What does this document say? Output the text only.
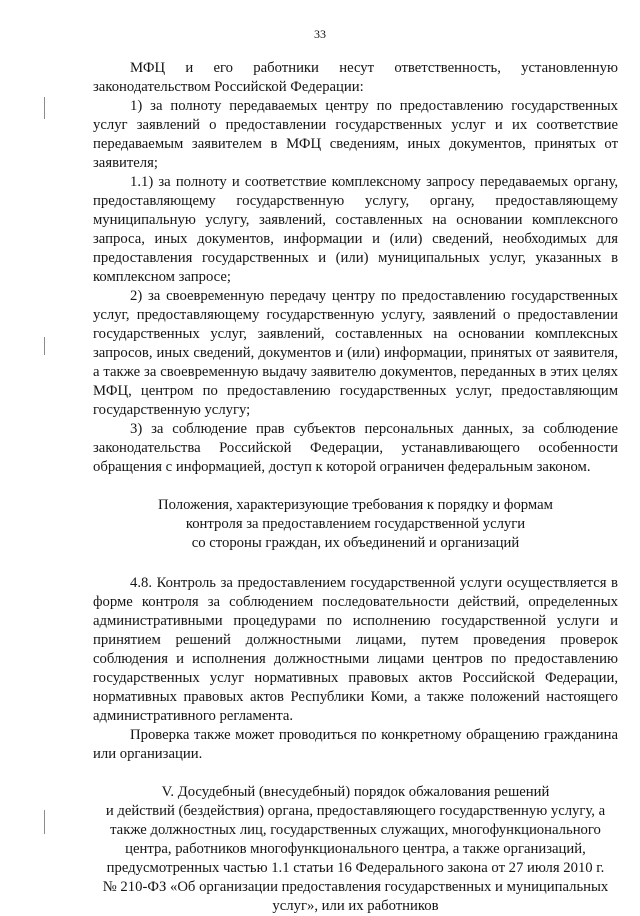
33

МФЦ и его работники несут ответственность, установленную законодательством Российской Федерации:

1) за полноту передаваемых центру по предоставлению государственных услуг заявлений о предоставлении государственных услуг и их соответствие передаваемым заявителем в МФЦ сведениям, иных документов, принятых от заявителя;

1.1) за полноту и соответствие комплексному запросу передаваемых органу, предоставляющему государственную услугу, органу, предоставляющему муниципальную услугу, заявлений, составленных на основании комплексного запроса, иных документов, информации и (или) сведений, необходимых для предоставления государственных и (или) муниципальных услуг, указанных в комплексном запросе;

2) за своевременную передачу центру по предоставлению государственных услуг, предоставляющему государственную услугу, заявлений о предоставлении государственных услуг, заявлений, составленных на основании комплексных запросов, иных сведений, документов и (или) информации, принятых от заявителя, а также за своевременную выдачу заявителю документов, переданных в этих целях МФЦ, центром по предоставлению государственных услуг, предоставляющим государственную услугу;

3) за соблюдение прав субъектов персональных данных, за соблюдение законодательства Российской Федерации, устанавливающего особенности обращения с информацией, доступ к которой ограничен федеральным законом.

Положения, характеризующие требования к порядку и формам
контроля за предоставлением государственной услуги
со стороны граждан, их объединений и организаций

4.8. Контроль за предоставлением государственной услуги осуществляется в форме контроля за соблюдением последовательности действий, определенных административными процедурами по исполнению государственной услуги и принятием решений должностными лицами, путем проведения проверок соблюдения и исполнения должностными лицами центров по предоставлению государственных услуг нормативных правовых актов Российской Федерации, нормативных правовых актов Республики Коми, а также положений настоящего административного регламента.

Проверка также может проводиться по конкретному обращению гражданина или организации.

V. Досудебный (внесудебный) порядок обжалования решений
и действий (бездействия) органа, предоставляющего государственную услугу, а
также должностных лиц, государственных служащих, многофункционального
центра, работников многофункционального центра, а также организаций,
предусмотренных частью 1.1 статьи 16 Федерального закона от 27 июля 2010 г.
№ 210-ФЗ «Об организации предоставления государственных и муниципальных
услуг», или их работников
